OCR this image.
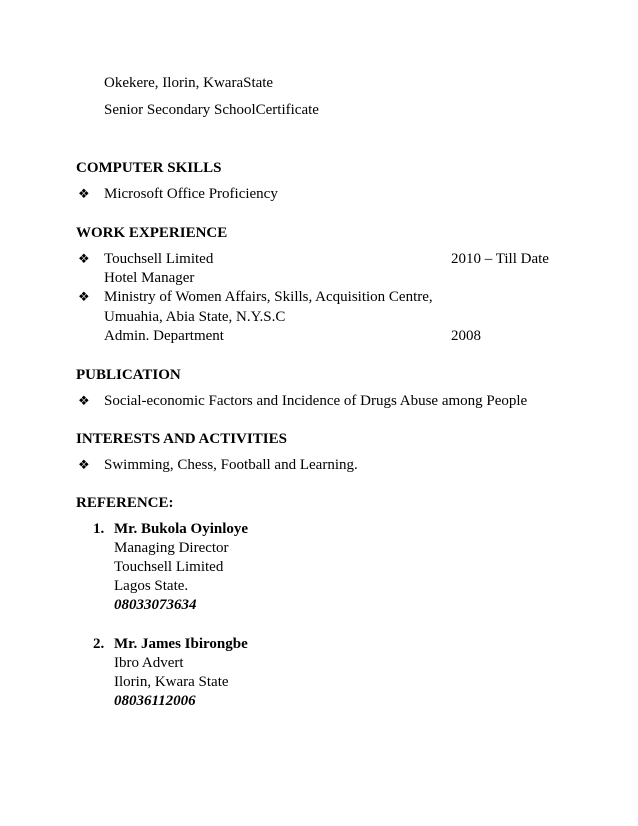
Okekere, Ilorin, KwaraState
Senior Secondary SchoolCertificate
COMPUTER SKILLS
❖ Microsoft Office Proficiency
WORK EXPERIENCE
❖ Touchsell Limited	2010 – Till Date
Hotel Manager
❖ Ministry of Women Affairs, Skills, Acquisition Centre,
Umuahia, Abia State, N.Y.S.C
Admin. Department	2008
PUBLICATION
❖ Social-economic Factors and Incidence of Drugs Abuse among People
INTERESTS AND ACTIVITIES
❖ Swimming, Chess, Football and Learning.
REFERENCE:
1. Mr. Bukola Oyinloye
Managing Director
Touchsell Limited
Lagos State.
08033073634
2. Mr. James Ibirongbe
Ibro Advert
Ilorin, Kwara State
08036112006
